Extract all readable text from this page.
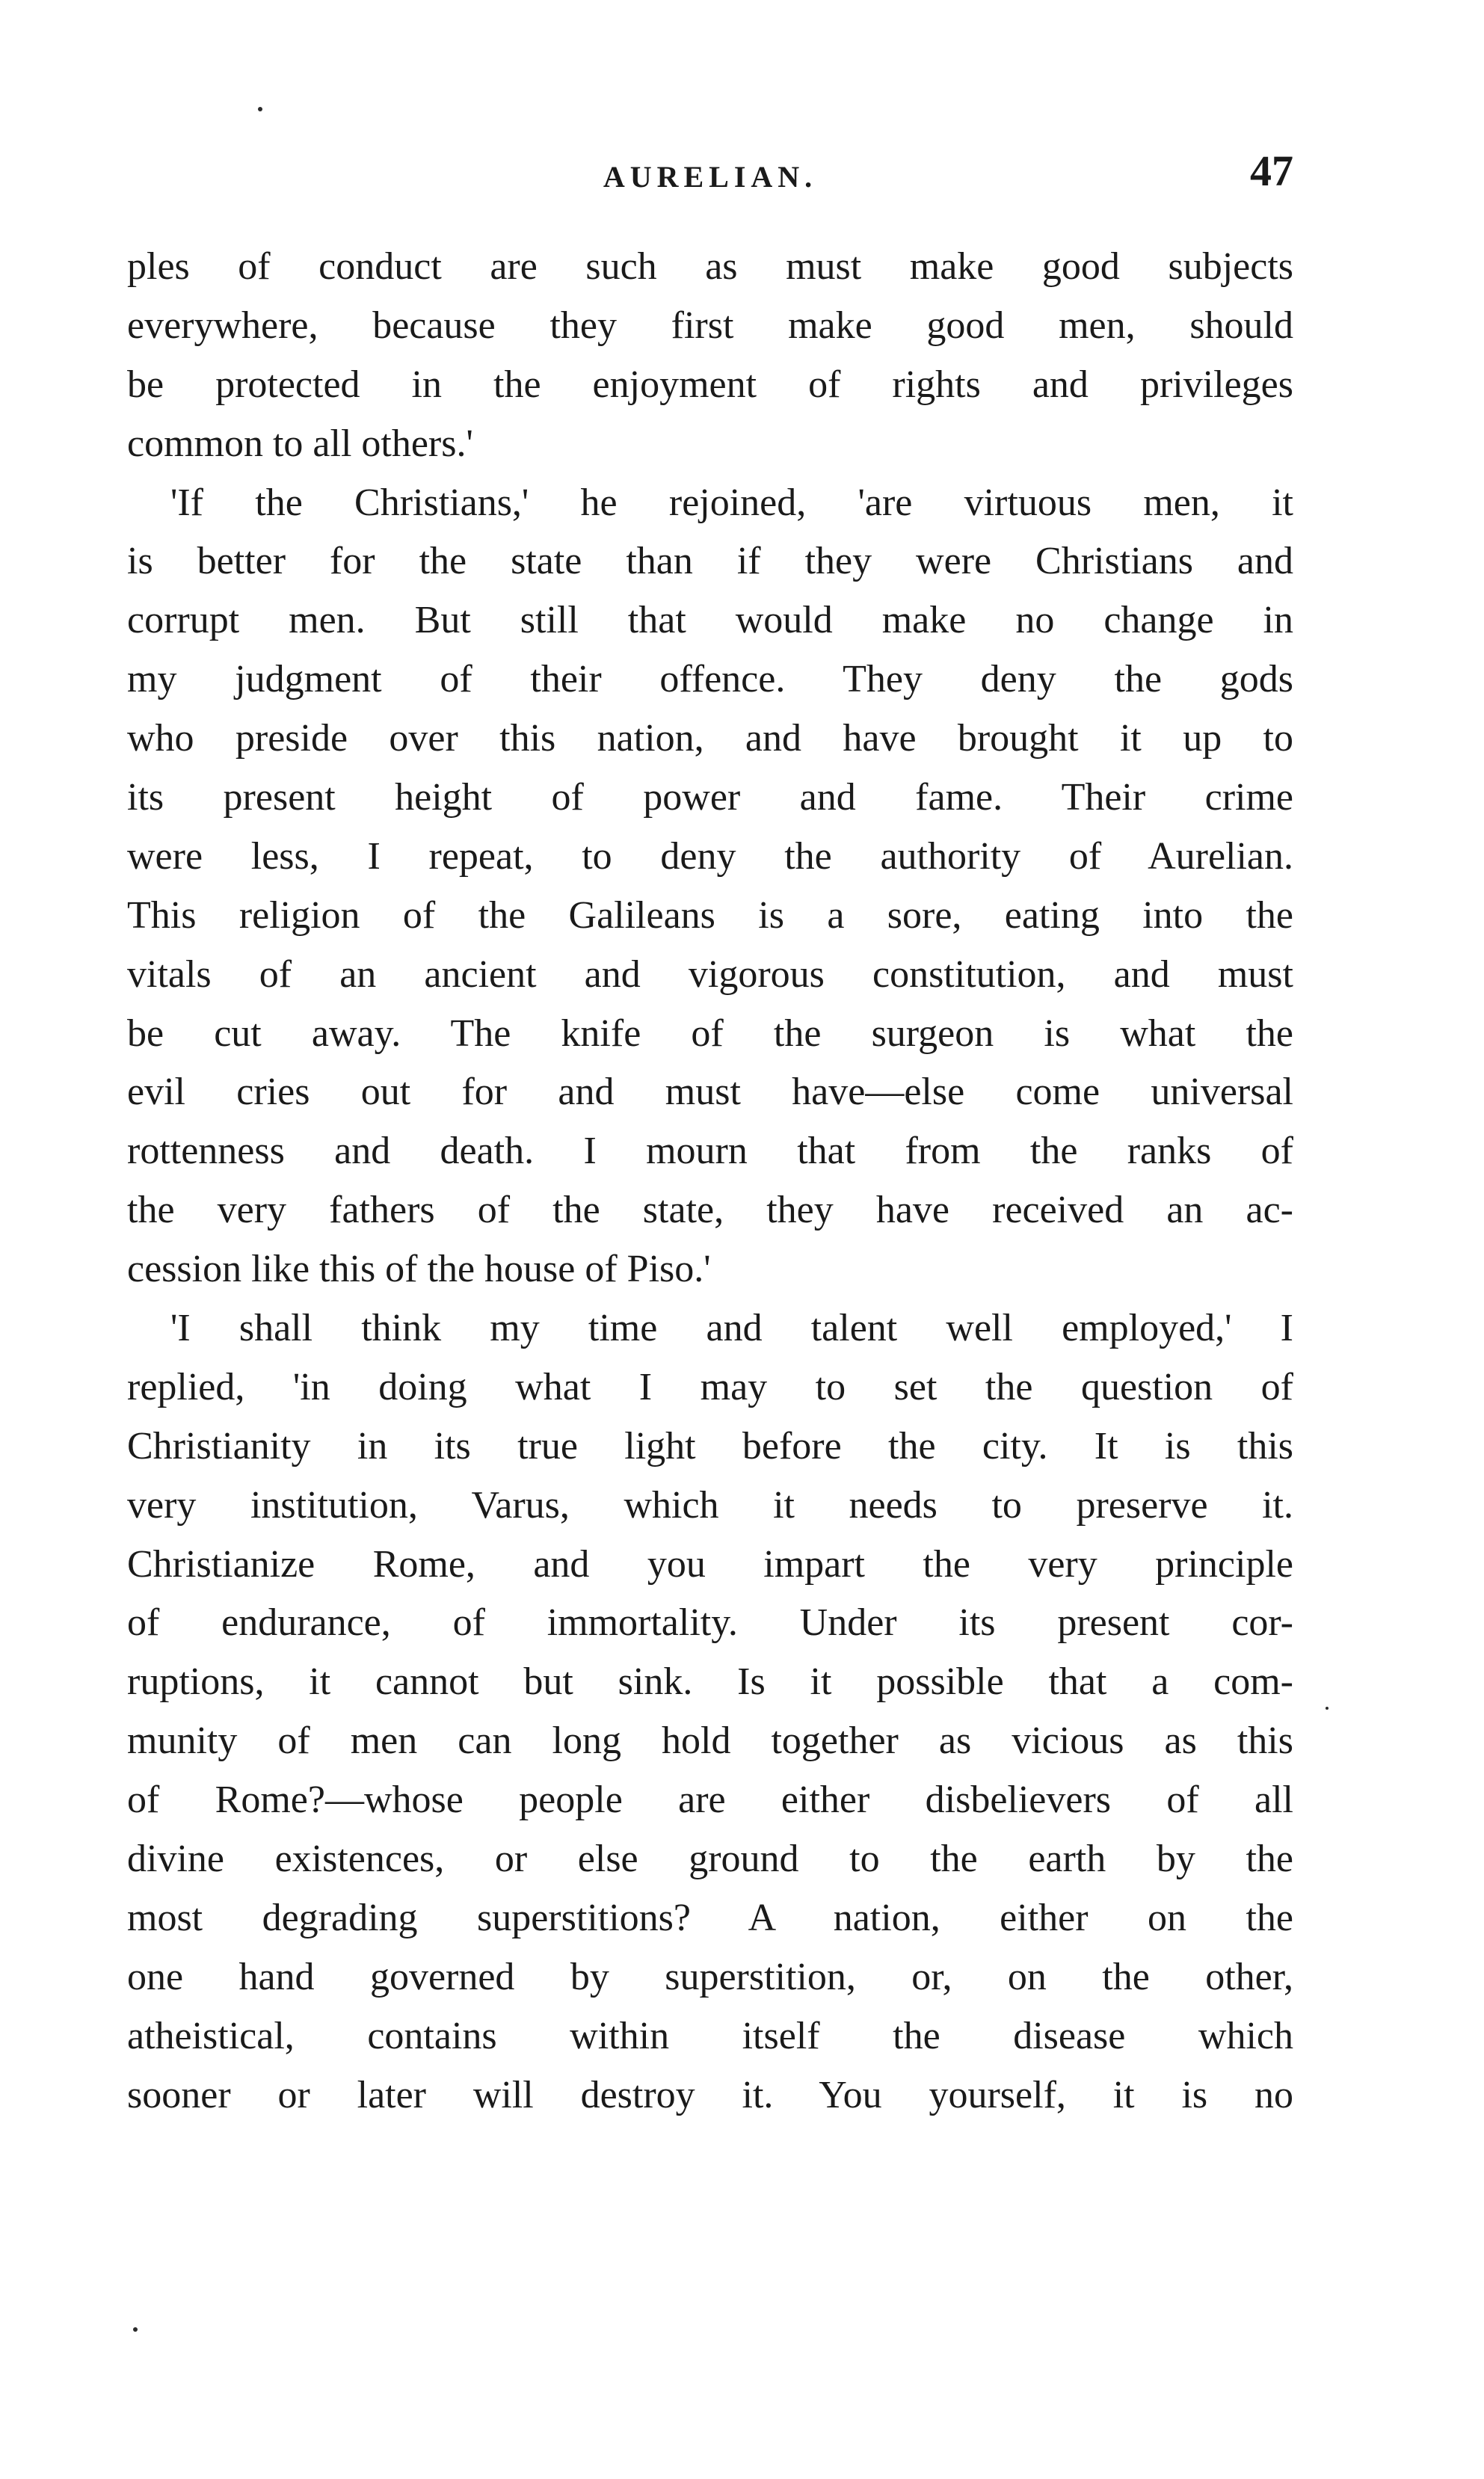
AURELIAN.	47
ples of conduct are such as must make good subjects
everywhere, because they first make good men, should
be protected in the enjoyment of rights and privileges
common to all others.'
'If the Christians,' he rejoined, 'are virtuous men, it
is better for the state than if they were Christians and
corrupt men. But still that would make no change in
my judgment of their offence. They deny the gods
who preside over this nation, and have brought it up to
its present height of power and fame. Their crime
were less, I repeat, to deny the authority of Aurelian.
This religion of the Galileans is a sore, eating into the
vitals of an ancient and vigorous constitution, and must
be cut away. The knife of the surgeon is what the
evil cries out for and must have—else come universal
rottenness and death. I mourn that from the ranks of
the very fathers of the state, they have received an ac-
cession like this of the house of Piso.'
'I shall think my time and talent well employed,' I
replied, 'in doing what I may to set the question of
Christianity in its true light before the city. It is this
very institution, Varus, which it needs to preserve it.
Christianize Rome, and you impart the very principle
of endurance, of immortality. Under its present cor-
ruptions, it cannot but sink. Is it possible that a com-
munity of men can long hold together as vicious as this
of Rome?—whose people are either disbelievers of all
divine existences, or else ground to the earth by the
most degrading superstitions? A nation, either on the
one hand governed by superstition, or, on the other,
atheistical, contains within itself the disease which
sooner or later will destroy it. You yourself, it is no
